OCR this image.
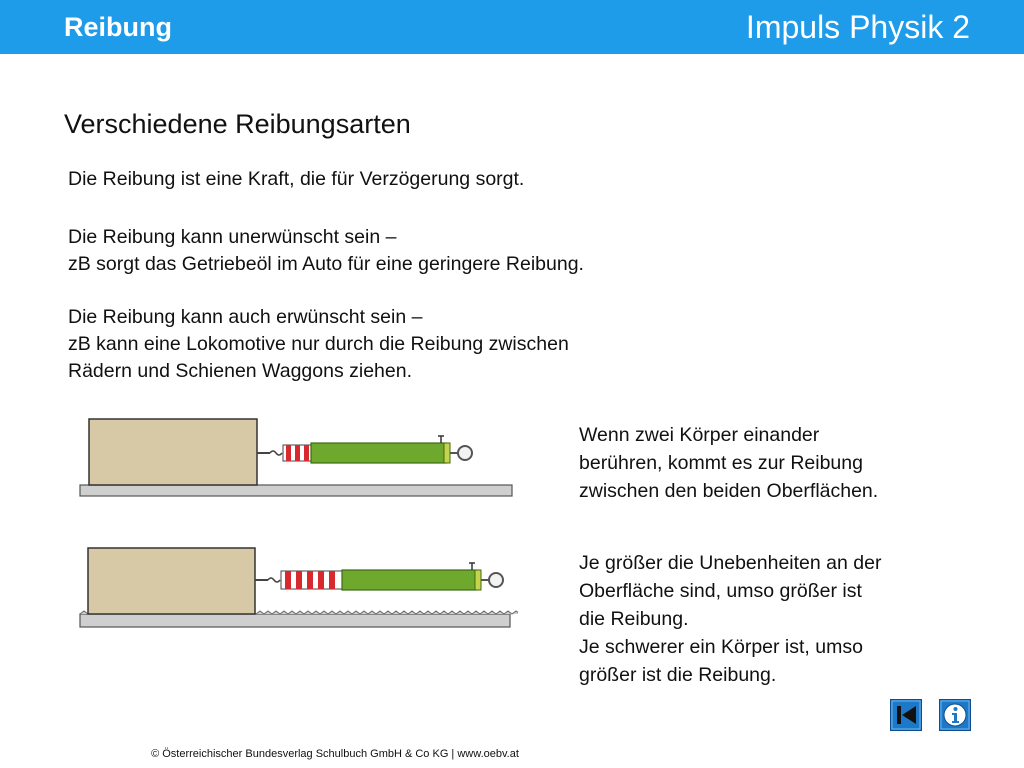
Reibung	Impuls Physik 2
Verschiedene Reibungsarten

Die Reibung ist eine Kraft, die für Verzögerung sorgt.

Die Reibung kann unerwünscht sein –
zB sorgt das Getriebeöl im Auto für eine geringere Reibung.

Die Reibung kann auch erwünscht sein –
zB kann eine Lokomotive nur durch die Reibung zwischen
Rädern und Schienen Waggons ziehen.

Wenn zwei Körper einander
berühren, kommt es zur Reibung
zwischen den beiden Oberflächen.

Je größer die Unebenheiten an der
Oberfläche sind, umso größer ist
die Reibung.
Je schwerer ein Körper ist, umso
größer ist die Reibung.

© Österreichischer Bundesverlag Schulbuch GmbH & Co KG | www.oebv.at
